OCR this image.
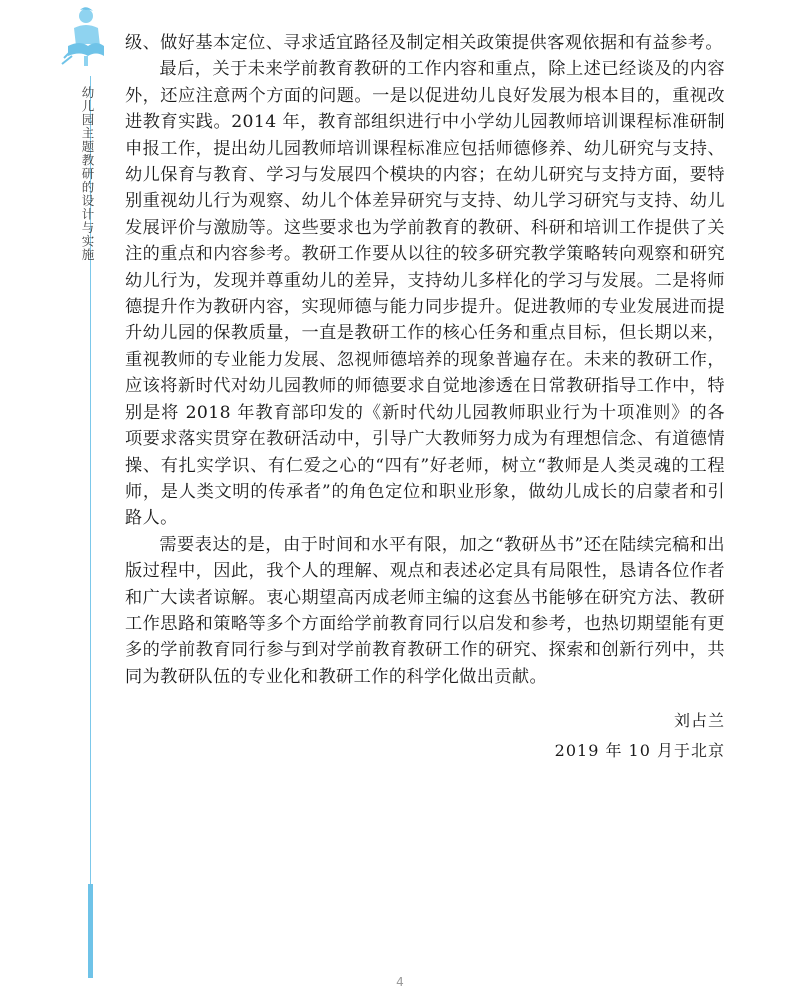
幼儿园主题教研的设计与实施

级、做好基本定位、寻求适宜路径及制定相关政策提供客观依据和有益参考。

最后，关于未来学前教育教研的工作内容和重点，除上述已经谈及的内容外，还应注意两个方面的问题。一是以促进幼儿良好发展为根本目的，重视改进教育实践。2014 年，教育部组织进行中小学幼儿园教师培训课程标准研制申报工作，提出幼儿园教师培训课程标准应包括师德修养、幼儿研究与支持、幼儿保育与教育、学习与发展四个模块的内容；在幼儿研究与支持方面，要特别重视幼儿行为观察、幼儿个体差异研究与支持、幼儿学习研究与支持、幼儿发展评价与激励等。这些要求也为学前教育的教研、科研和培训工作提供了关注的重点和内容参考。教研工作要从以往的较多研究教学策略转向观察和研究幼儿行为，发现并尊重幼儿的差异，支持幼儿多样化的学习与发展。二是将师德提升作为教研内容，实现师德与能力同步提升。促进教师的专业发展进而提升幼儿园的保教质量，一直是教研工作的核心任务和重点目标，但长期以来，重视教师的专业能力发展、忽视师德培养的现象普遍存在。未来的教研工作，应该将新时代对幼儿园教师的师德要求自觉地渗透在日常教研指导工作中，特别是将 2018 年教育部印发的《新时代幼儿园教师职业行为十项准则》的各项要求落实贯穿在教研活动中，引导广大教师努力成为有理想信念、有道德情操、有扎实学识、有仁爱之心的“四有”好老师，树立“教师是人类灵魂的工程师，是人类文明的传承者”的角色定位和职业形象，做幼儿成长的启蒙者和引路人。

需要表达的是，由于时间和水平有限，加之“教研丛书”还在陆续完稿和出版过程中，因此，我个人的理解、观点和表述必定具有局限性，恳请各位作者和广大读者谅解。衷心期望高丙成老师主编的这套丛书能够在研究方法、教研工作思路和策略等多个方面给学前教育同行以启发和参考，也热切期望能有更多的学前教育同行参与到对学前教育教研工作的研究、探索和创新行列中，共同为教研队伍的专业化和教研工作的科学化做出贡献。

刘占兰
2019 年 10 月于北京
4
